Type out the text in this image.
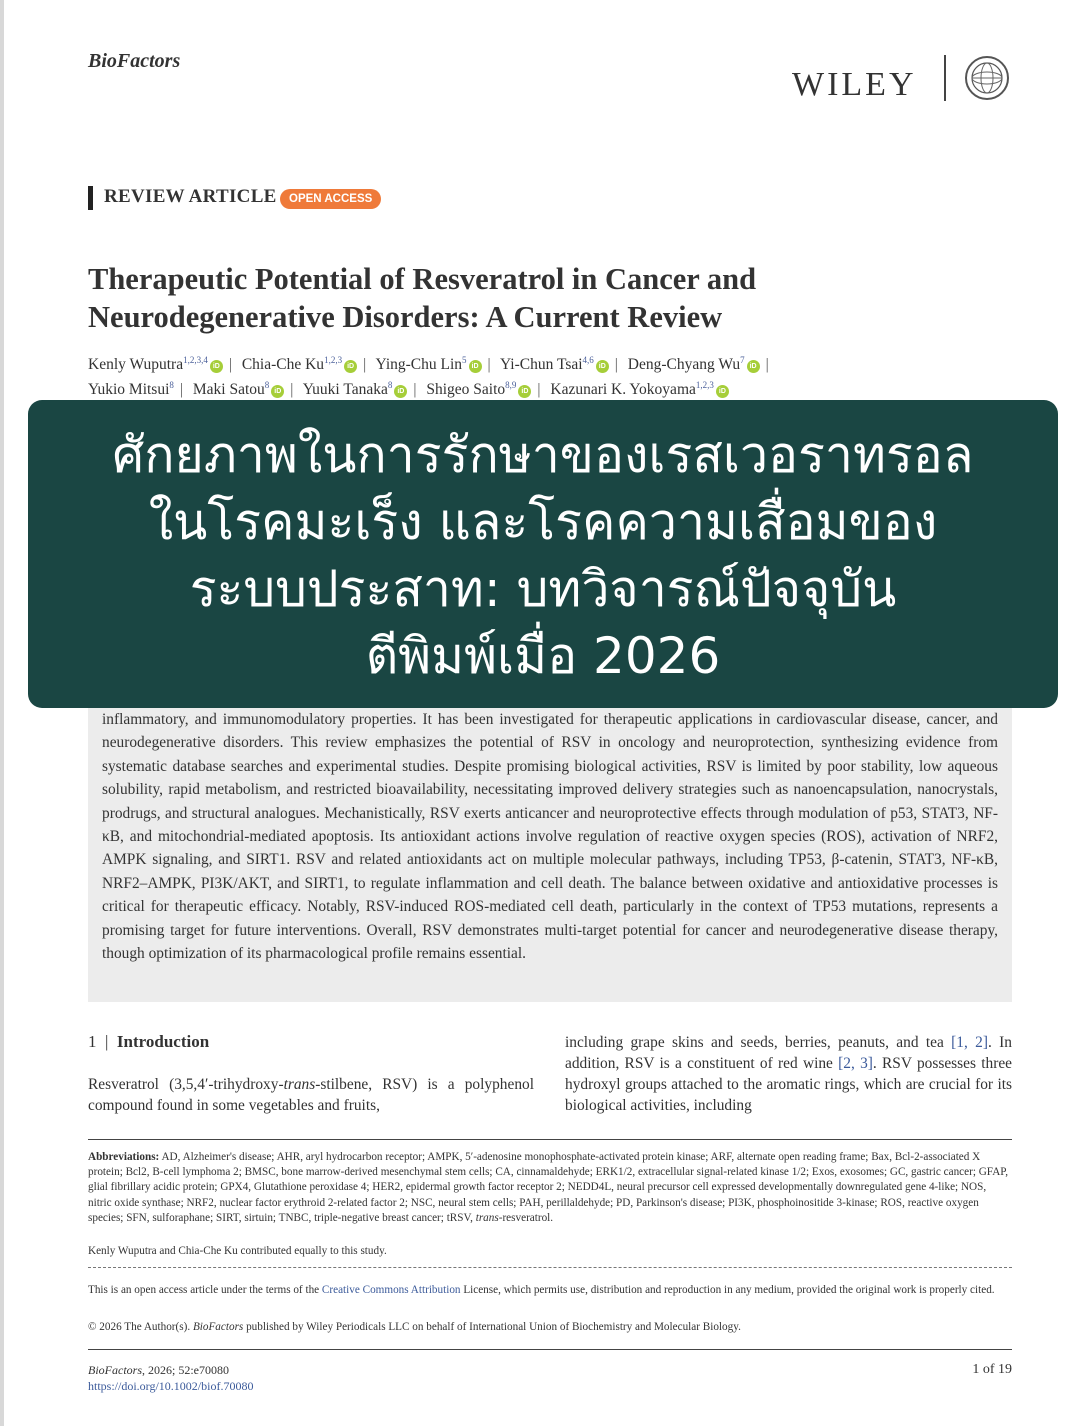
BioFactors
WILEY
REVIEW ARTICLE	OPEN ACCESS
Therapeutic Potential of Resveratrol in Cancer and
Neurodegenerative Disorders: A Current Review
Kenly Wuputra$^{1,2,3,4}$iD | Chia-Che Ku$^{1,2,3}$iD | Ying-Chu Lin$^5$iD | Yi-Chun Tsai$^{4,6}$iD | Deng-Chyang Wu$^7$iD |
Yukio Mitsui$^8$ | Maki Satou$^8$iD | Yuuki Tanaka$^8$iD | Shigeo Saito$^{8,9}$iD | Kazunari K. Yokoyama$^{1,2,3}$iD
inflammatory, and immunomodulatory properties. It has been investigated for therapeutic applications in cardiovascular disease, cancer, and neurodegenerative disorders. This review emphasizes the potential of RSV in oncology and neuroprotection, synthesizing evidence from systematic database searches and experimental studies. Despite promising biological activities, RSV is limited by poor stability, low aqueous solubility, rapid metabolism, and restricted bioavailability, necessitating improved delivery strategies such as nanoencapsulation, nanocrystals, prodrugs, and structural analogues. Mechanistically, RSV exerts anticancer and neuroprotective effects through modulation of p53, STAT3, NF-κB, and mitochondrial-mediated apoptosis. Its antioxidant actions involve regulation of reactive oxygen species (ROS), activation of NRF2, AMPK signaling, and SIRT1. RSV and related antioxidants act on multiple molecular pathways, including TP53, β-catenin, STAT3, NF-κB, NRF2–AMPK, PI3K/AKT, and SIRT1, to regulate inflammation and cell death. The balance between oxidative and antioxidative processes is critical for therapeutic efficacy. Notably, RSV-induced ROS-mediated cell death, particularly in the context of TP53 mutations, represents a promising target for future interventions. Overall, RSV demonstrates multi-target potential for cancer and neurodegenerative disease therapy, though optimization of its pharmacological profile remains essential.
1  |  Introduction
Resveratrol (3,5,4′-trihydroxy-trans-stilbene, RSV) is a polyphenol compound found in some vegetables and fruits,
including grape skins and seeds, berries, peanuts, and tea [1, 2]. In addition, RSV is a constituent of red wine [2, 3]. RSV possesses three hydroxyl groups attached to the aromatic rings, which are crucial for its biological activities, including
Abbreviations: AD, Alzheimer's disease; AHR, aryl hydrocarbon receptor; AMPK, 5′-adenosine monophosphate-activated protein kinase; ARF, alternate open reading frame; Bax, Bcl-2-associated X protein; Bcl2, B-cell lymphoma 2; BMSC, bone marrow-derived mesenchymal stem cells; CA, cinnamaldehyde; ERK1/2, extracellular signal-related kinase 1/2; Exos, exosomes; GC, gastric cancer; GFAP, glial fibrillary acidic protein; GPX4, Glutathione peroxidase 4; HER2, epidermal growth factor receptor 2; NEDD4L, neural precursor cell expressed developmentally downregulated gene 4-like; NOS, nitric oxide synthase; NRF2, nuclear factor erythroid 2-related factor 2; NSC, neural stem cells; PAH, perillaldehyde; PD, Parkinson's disease; PI3K, phosphoinositide 3-kinase; ROS, reactive oxygen species; SFN, sulforaphane; SIRT, sirtuin; TNBC, triple-negative breast cancer; tRSV, trans-resveratrol.
Kenly Wuputra and Chia-Che Ku contributed equally to this study.
This is an open access article under the terms of the Creative Commons Attribution License, which permits use, distribution and reproduction in any medium, provided the original work is properly cited.
© 2026 The Author(s). BioFactors published by Wiley Periodicals LLC on behalf of International Union of Biochemistry and Molecular Biology.
BioFactors, 2026; 52:e70080
https://doi.org/10.1002/biof.70080
1 of 19
ศักยภาพในการรักษาของเรสเวอราทรอล
ในโรคมะเร็ง และโรคความเสื่อมของ
ระบบประสาท: บทวิจารณ์ปัจจุบัน
ตีพิมพ์เมื่อ 2026
